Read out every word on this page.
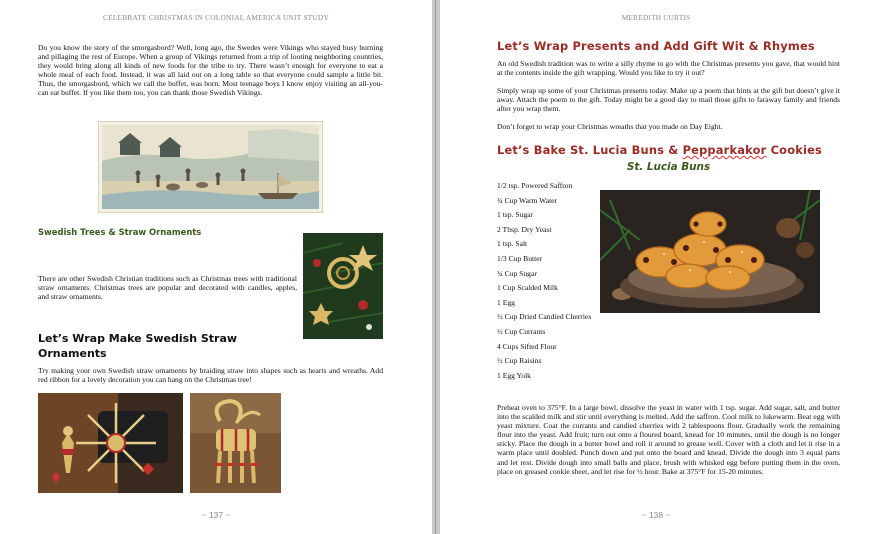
CELEBRATE CHRISTMAS IN COLONIAL AMERICA UNIT STUDY
Do you know the story of the smorgasbord? Well, long ago, the Swedes were Vikings who stayed busy burning and pillaging the rest of Europe. When a group of Vikings returned from a trip of looting neighboring countries, they would bring along all kinds of new foods for the tribe to try. There wasn’t enough for everyone to eat a whole meal of each food. Instead, it was all laid out on a long table so that everyone could sample a little bit. Thus, the smorgasbord, which we call the buffet, was born. Most teenage boys I know enjoy visiting an all-you-can eat buffet. If you like them too, you can thank those Swedish Vikings.
Swedish Trees & Straw Ornaments
There are other Swedish Christian traditions such as Christmas trees with traditional straw ornaments. Christmas trees are popular and decorated with candles, apples, and straw ornaments.
Let’s Wrap Make Swedish Straw Ornaments
Try making your own Swedish straw ornaments by braiding straw into shapes such as hearts and wreaths. Add red ribbon for a lovely decoration you can hang on the Christmas tree!
~ 137 ~
MEREDITH CURTIS
Let’s Wrap Presents and Add Gift Wit & Rhymes
An old Swedish tradition was to write a silly rhyme to go with the Christmas presents you gave, that would hint at the contents inside the gift wrapping. Would you like to try it out?
Simply wrap up some of your Christmas presents today. Make up a poem that hints at the gift but doesn’t give it away. Attach the poem to the gift. Today might be a good day to mail those gifts to faraway family and friends after you wrap them.
Don’t forget to wrap your Christmas wreaths that you made on Day Eight.
Let’s Bake St. Lucia Buns & Pepparkakor Cookies
St. Lucia Buns
1/2 tsp. Powered Saffron
¾ Cup Warm Water
1 tsp. Sugar
2 Tbsp. Dry Yeast
1 tsp. Salt
1/3 Cup Butter
¾ Cup Sugar
1 Cup Scalded Milk
1 Egg
½ Cup Dried Candied Cherries
½ Cup Currants
4 Cups Sifted Flour
½ Cup Raisins
1 Egg Yolk
Preheat oven to 375°F. In a large bowl, dissolve the yeast in water with 1 tsp. sugar. Add sugar, salt, and butter into the scalded milk and stir until everything is melted. Add the saffron. Cool milk to lukewarm. Beat egg with yeast mixture. Coat the currants and candied cherries with 2 tablespoons flour. Gradually work the remaining flour into the yeast. Add fruit; turn out onto a floured board, knead for 10 minutes, until the dough is no longer sticky. Place the dough in a butter bowl and roll it around to grease well. Cover with a cloth and let it rise in a warm place until doubled. Punch down and put onto the board and knead. Divide the dough into 3 equal parts and let rest. Divide dough into small balls and place, brush with whisked egg before putting them in the oven, place on greased cookie sheet, and let rise for ½ hour. Bake at 375°F for 15-20 minutes.
~ 138 ~
